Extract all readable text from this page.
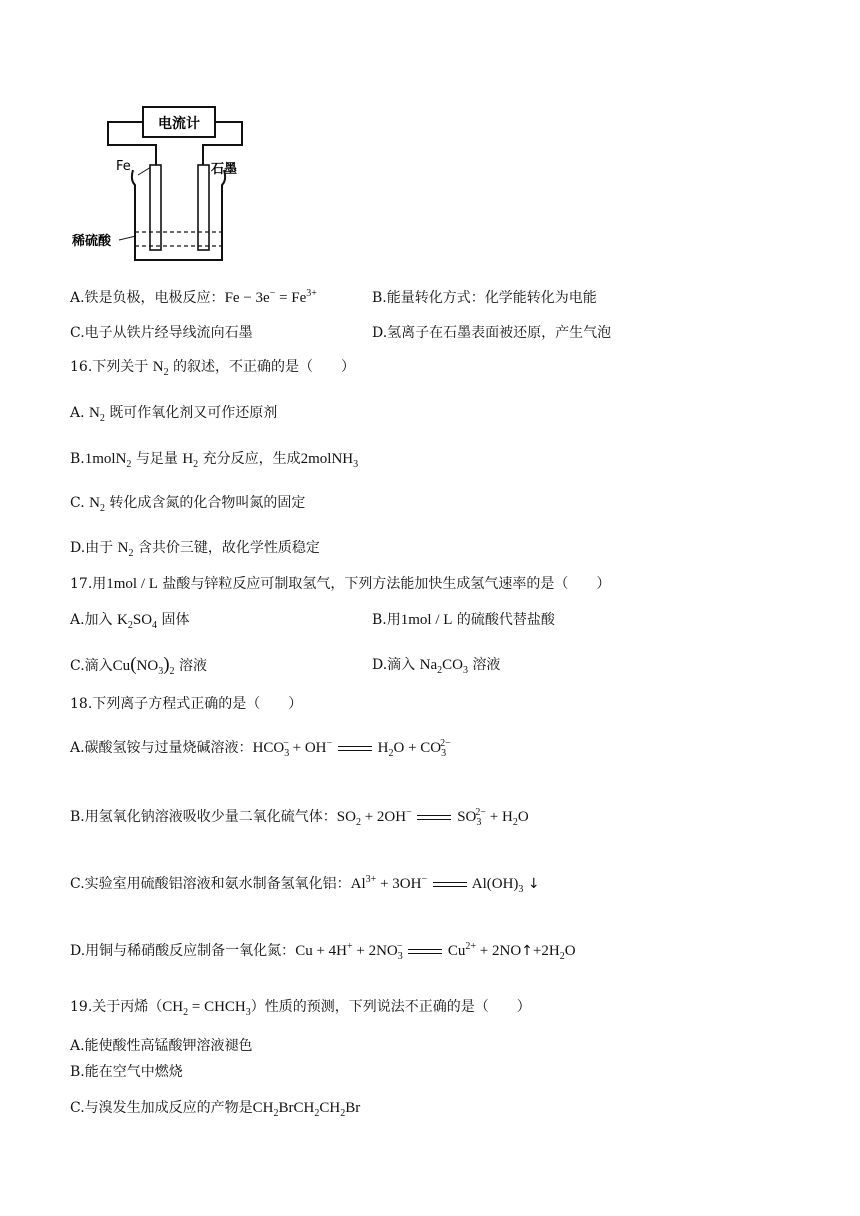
电流计
Fe	石墨
稀硫酸
A.铁是负极，电极反应：$Fe - 3e^- = Fe^{3+}$	B.能量转化方式：化学能转化为电能
C.电子从铁片经导线流向石墨	D.氢离子在石墨表面被还原，产生气泡
16.下列关于 $N_2$ 的叙述，不正确的是（　　）
A. $N_2$ 既可作氧化剂又可作还原剂
B.1molN$_2$ 与足量 $H_2$ 充分反应，生成2molNH$_3$
C. $N_2$ 转化成含氮的化合物叫氮的固定
D.由于 $N_2$ 含共价三键，故化学性质稳定
17.用1mol / L 盐酸与锌粒反应可制取氢气，下列方法能加快生成氢气速率的是（　　）
A.加入 $K_2SO_4$ 固体	B.用1mol / L 的硫酸代替盐酸
C.滴入$Cu(NO_3)_2$ 溶液	D.滴入 $Na_2CO_3$ 溶液
18.下列离子方程式正确的是（　　）
A.碳酸氢铵与过量烧碱溶液：$HCO_3^- + OH^-$	$H_2O + CO_3^{2-}$
B.用氢氧化钠溶液吸收少量二氧化硫气体：$SO_2 + 2OH^-$	$SO_3^{2-} + H_2O$
C.实验室用硫酸铝溶液和氨水制备氢氧化铝：$Al^{3+} + 3OH^-$	$Al(OH)_3$ ↓
D.用铜与稀硝酸反应制备一氧化氮：$Cu + 4H^+ + 2NO_3^-$	$Cu^{2+}$ + $2NO↑+2H_2O$
19.关于丙烯（$CH_2$ = $CHCH_3$）性质的预测，下列说法不正确的是（　　）
A.能使酸性高锰酸钾溶液褪色
B.能在空气中燃烧
C.与溴发生加成反应的产物是$CH_2BrCH_2CH_2Br$
